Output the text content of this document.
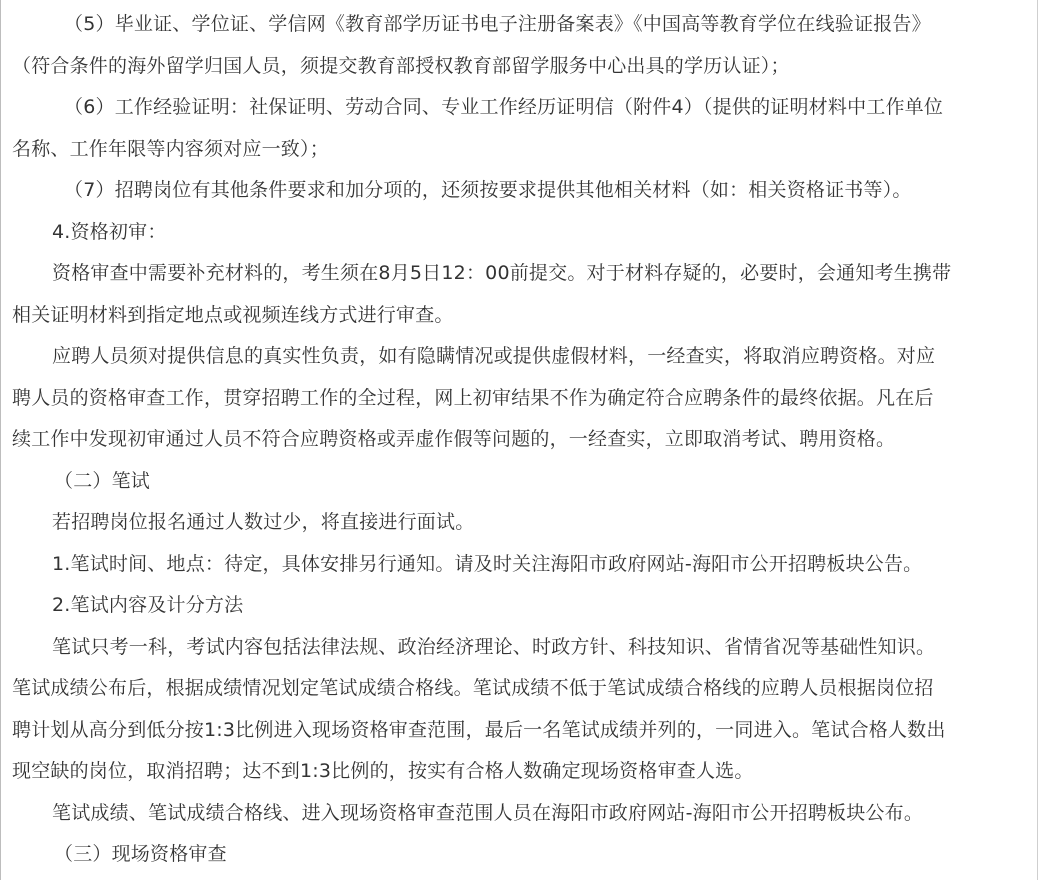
（5）毕业证、学位证、学信网《教育部学历证书电子注册备案表》《中国高等教育学位在线验证报告》

（符合条件的海外留学归国人员，须提交教育部授权教育部留学服务中心出具的学历认证）；

（6）工作经验证明：社保证明、劳动合同、专业工作经历证明信（附件4）（提供的证明材料中工作单位

名称、工作年限等内容须对应一致）；

（7）招聘岗位有其他条件要求和加分项的，还须按要求提供其他相关材料（如：相关资格证书等）。

4.资格初审：

资格审查中需要补充材料的，考生须在8月5日12：00前提交。对于材料存疑的，必要时，会通知考生携带

相关证明材料到指定地点或视频连线方式进行审查。

应聘人员须对提供信息的真实性负责，如有隐瞒情况或提供虚假材料，一经查实，将取消应聘资格。对应

聘人员的资格审查工作，贯穿招聘工作的全过程，网上初审结果不作为确定符合应聘条件的最终依据。凡在后

续工作中发现初审通过人员不符合应聘资格或弄虚作假等问题的，一经查实，立即取消考试、聘用资格。

（二）笔试

若招聘岗位报名通过人数过少，将直接进行面试。

1.笔试时间、地点：待定，具体安排另行通知。请及时关注海阳市政府网站-海阳市公开招聘板块公告。

2.笔试内容及计分方法

笔试只考一科，考试内容包括法律法规、政治经济理论、时政方针、科技知识、省情省况等基础性知识。

笔试成绩公布后，根据成绩情况划定笔试成绩合格线。笔试成绩不低于笔试成绩合格线的应聘人员根据岗位招

聘计划从高分到低分按1:3比例进入现场资格审查范围，最后一名笔试成绩并列的，一同进入。笔试合格人数出

现空缺的岗位，取消招聘；达不到1:3比例的，按实有合格人数确定现场资格审查人选。

笔试成绩、笔试成绩合格线、进入现场资格审查范围人员在海阳市政府网站-海阳市公开招聘板块公布。

（三）现场资格审查
